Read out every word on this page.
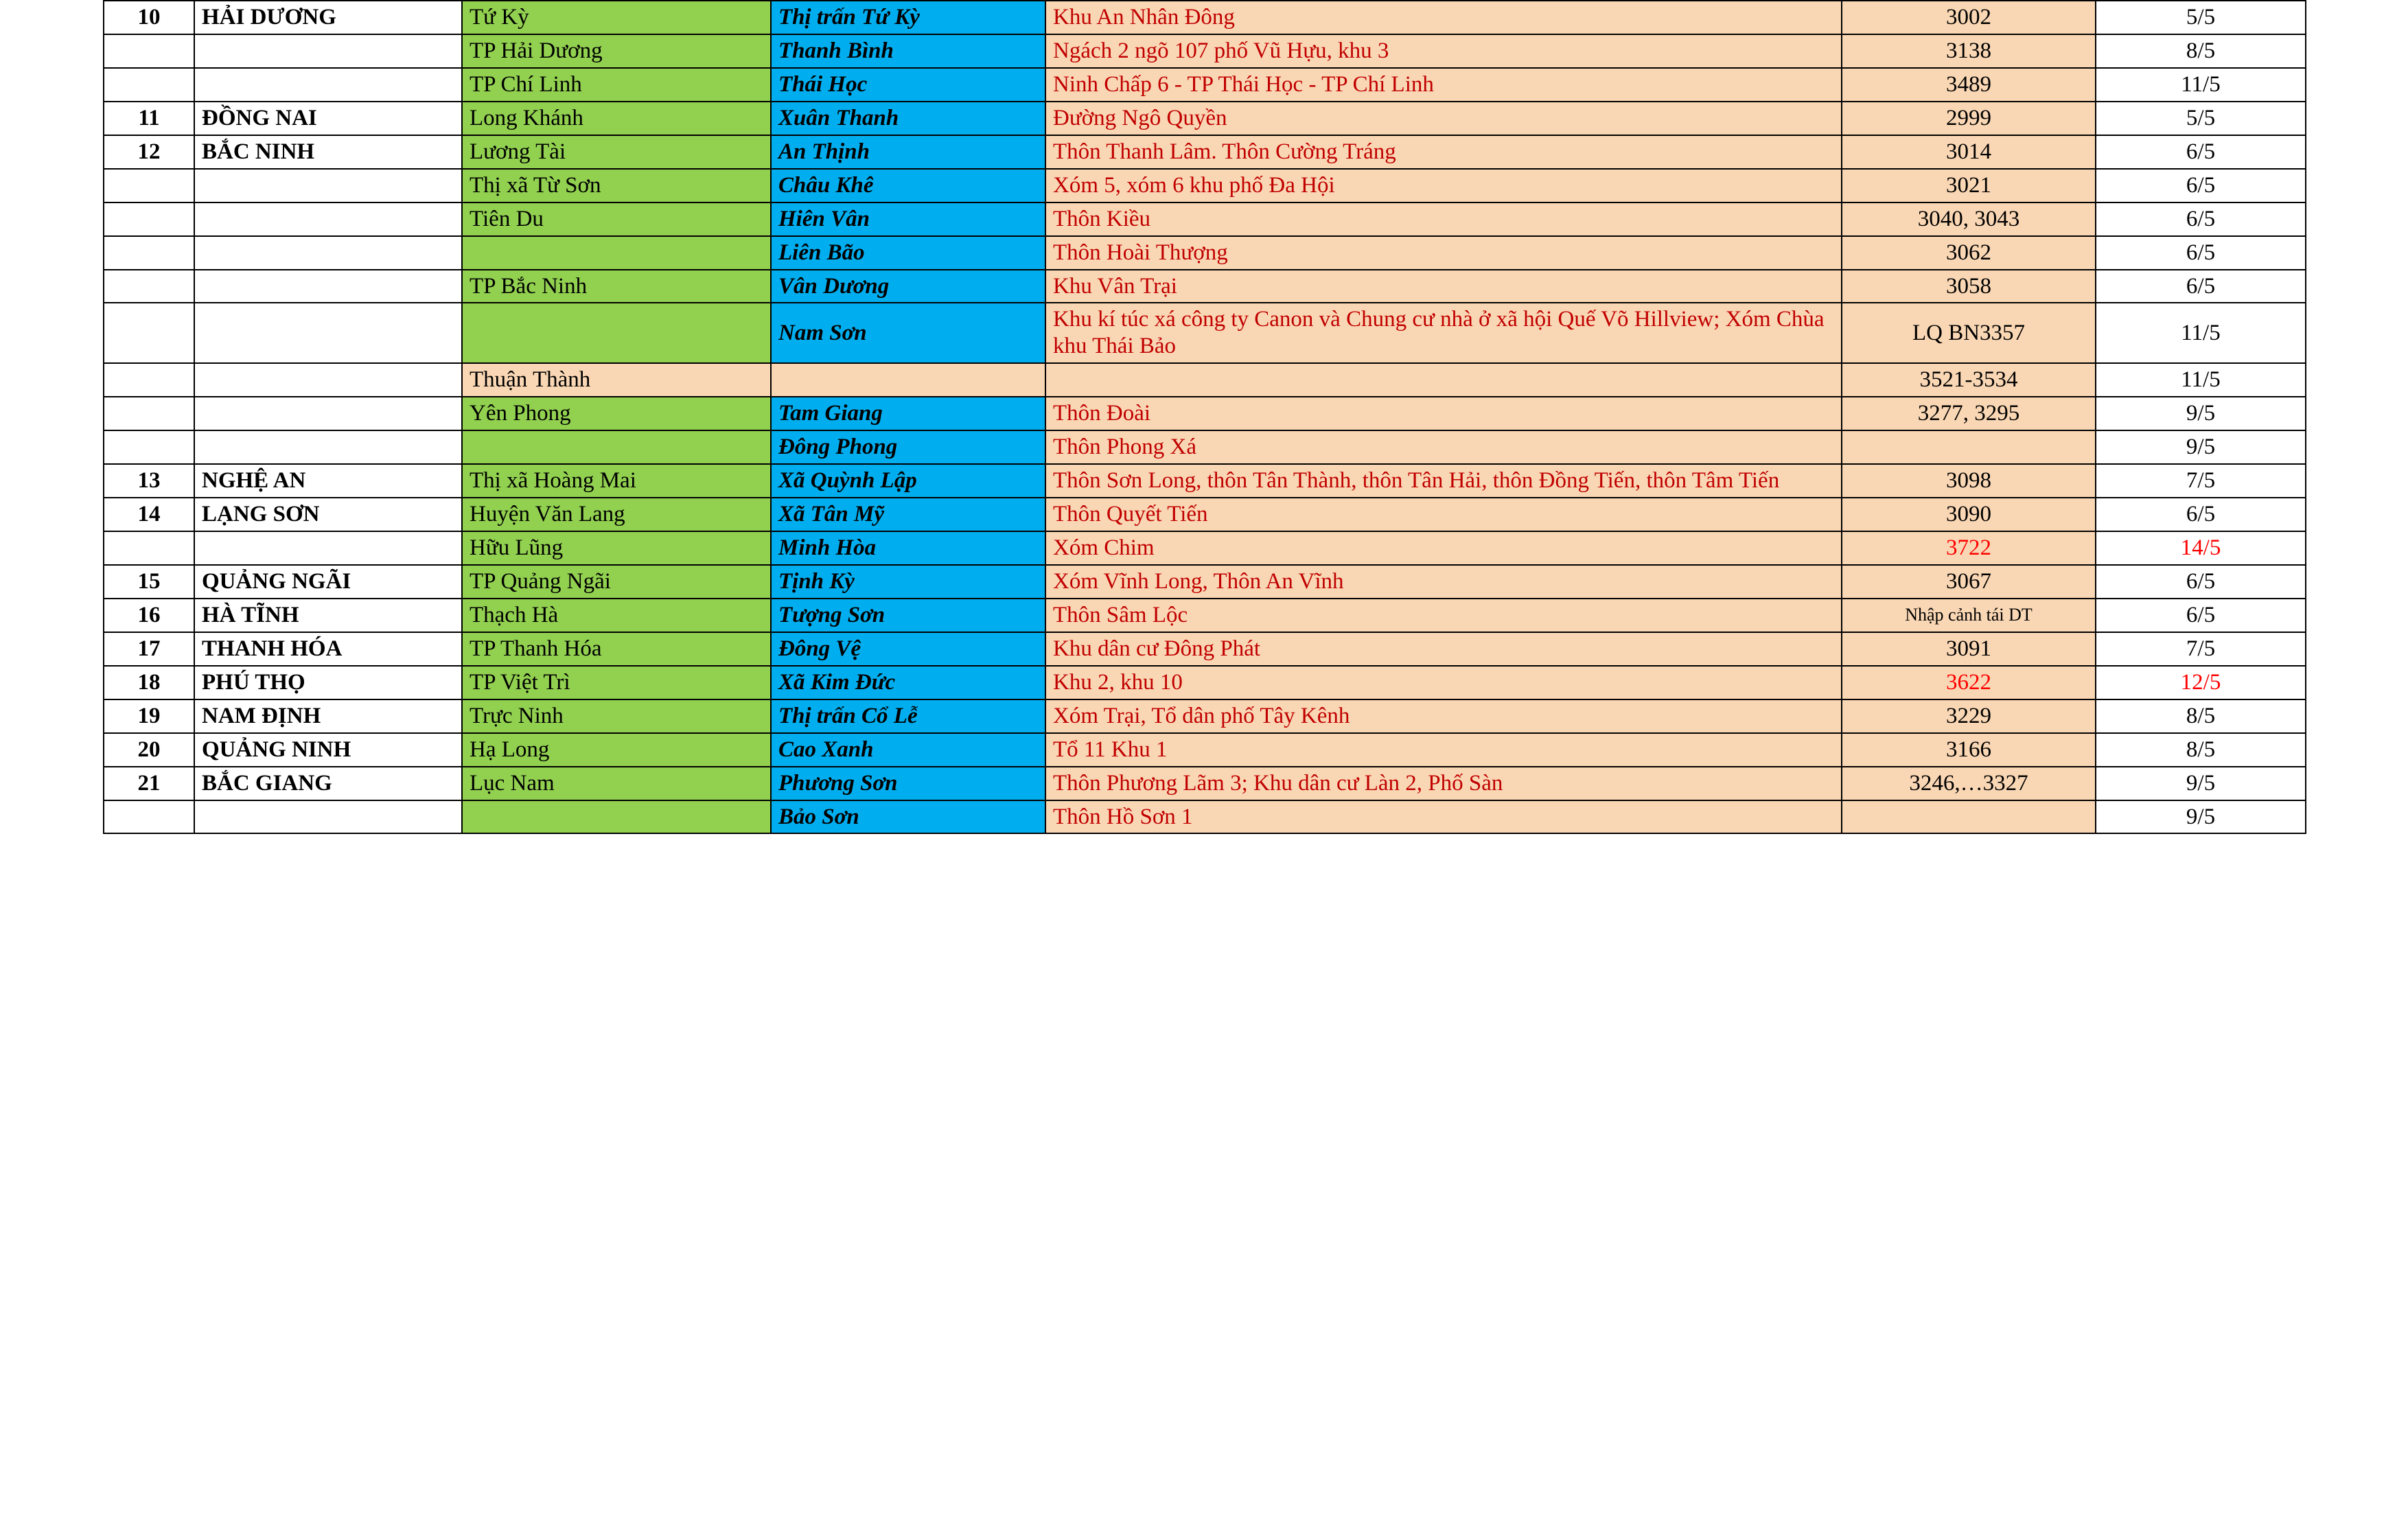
10	HẢI DƯƠNG	Tứ Kỳ	Thị trấn Tứ Kỳ	Khu An Nhân Đông	3002	5/5
		TP Hải Dương	Thanh Bình	Ngách 2 ngõ 107 phố Vũ Hựu, khu 3	3138	8/5
		TP Chí Linh	Thái Học	Ninh Chấp 6 - TP Thái Học - TP Chí Linh	3489	11/5
11	ĐỒNG NAI	Long Khánh	Xuân Thanh	Đường Ngô Quyền	2999	5/5
12	BẮC NINH	Lương Tài	An Thịnh	Thôn Thanh Lâm. Thôn Cường Tráng	3014	6/5
		Thị xã Từ Sơn	Châu Khê	Xóm 5, xóm 6 khu phố Đa Hội	3021	6/5
		Tiên Du	Hiên Vân	Thôn Kiều	3040, 3043	6/5
			Liên Bão	Thôn Hoài Thượng	3062	6/5
		TP Bắc Ninh	Vân Dương	Khu Vân Trại	3058	6/5
			Nam Sơn	Khu kí túc xá công ty Canon và Chung cư nhà ở xã hội Quế Võ Hillview; Xóm Chùa khu Thái Bảo	LQ BN3357	11/5
		Thuận Thành			3521-3534	11/5
		Yên Phong	Tam Giang	Thôn Đoài	3277, 3295	9/5
			Đông Phong	Thôn Phong Xá		9/5
13	NGHỆ AN	Thị xã Hoàng Mai	Xã Quỳnh Lập	Thôn Sơn Long, thôn Tân Thành, thôn Tân Hải, thôn Đồng Tiến, thôn Tâm Tiến	3098	7/5
14	LẠNG SƠN	Huyện Văn Lang	Xã Tân Mỹ	Thôn Quyết Tiến	3090	6/5
		Hữu Lũng	Minh Hòa	Xóm Chim	3722	14/5
15	QUẢNG NGÃI	TP Quảng Ngãi	Tịnh Kỳ	Xóm Vĩnh Long, Thôn An Vĩnh	3067	6/5
16	HÀ TĨNH	Thạch Hà	Tượng Sơn	Thôn Sâm Lộc	Nhập cảnh tái DT	6/5
17	THANH HÓA	TP Thanh Hóa	Đông Vệ	Khu dân cư Đông Phát	3091	7/5
18	PHÚ THỌ	TP Việt Trì	Xã Kim Đức	Khu 2, khu 10	3622	12/5
19	NAM ĐỊNH	Trực Ninh	Thị trấn Cổ Lễ	Xóm Trại, Tổ dân phố Tây Kênh	3229	8/5
20	QUẢNG NINH	Hạ Long	Cao Xanh	Tổ 11 Khu 1	3166	8/5
21	BẮC GIANG	Lục Nam	Phương Sơn	Thôn Phương Lãm 3; Khu dân cư Làn 2, Phố Sàn	3246,…3327	9/5
			Bảo Sơn	Thôn Hồ Sơn 1		9/5
